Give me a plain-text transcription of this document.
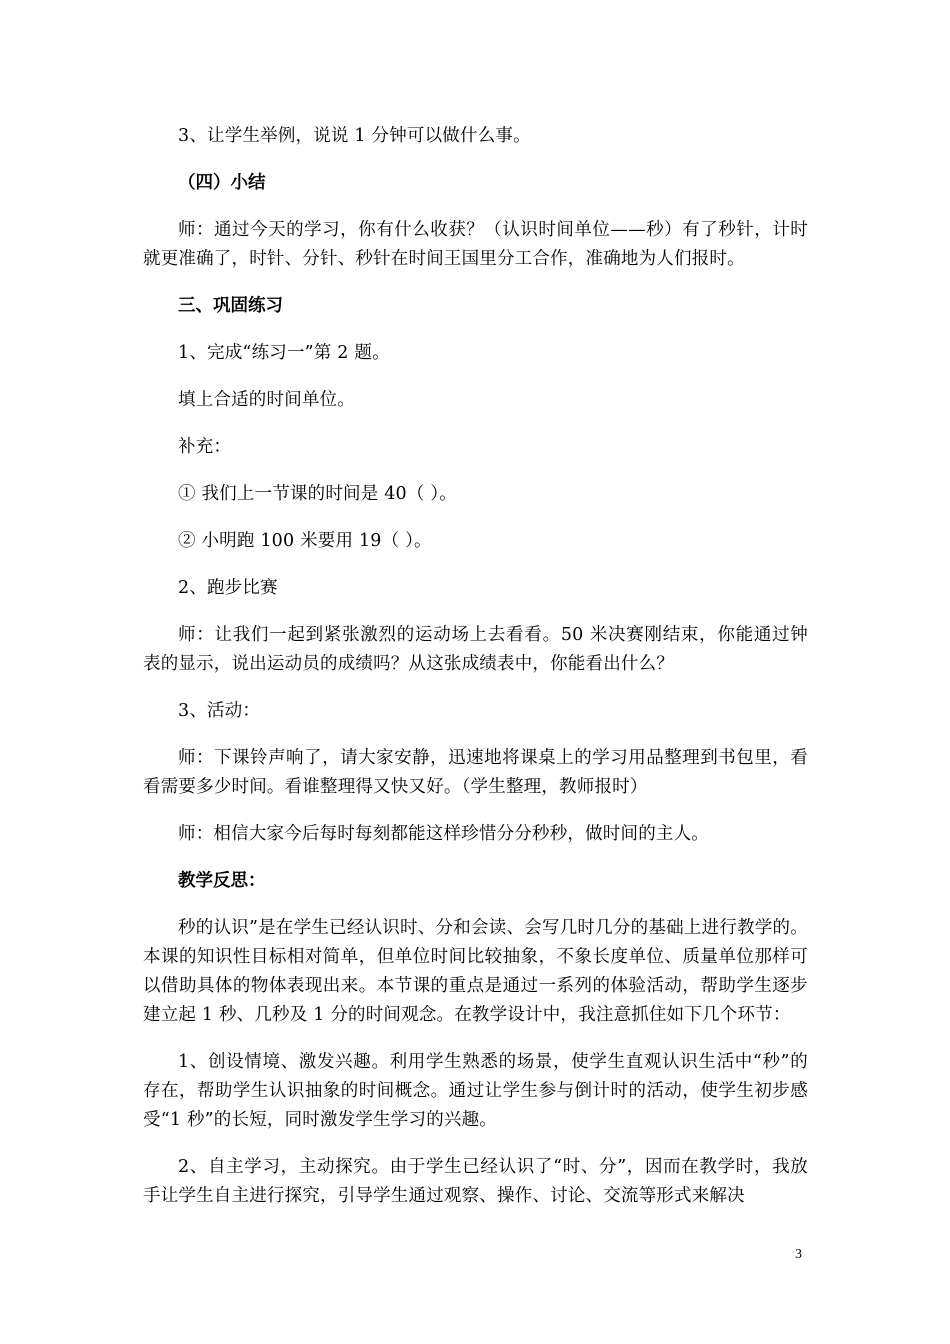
3、让学生举例，说说 1 分钟可以做什么事。

（四）小结

师：通过今天的学习，你有什么收获？（认识时间单位——秒）有了秒针，计时就更准确了，时针、分针、秒针在时间王国里分工合作，准确地为人们报时。

三、巩固练习

1、完成“练习一”第 2 题。

填上合适的时间单位。

补充：

① 我们上一节课的时间是 40（ ）。

② 小明跑 100 米要用 19（ ）。

2、跑步比赛

师：让我们一起到紧张激烈的运动场上去看看。50 米决赛刚结束，你能通过钟表的显示，说出运动员的成绩吗？从这张成绩表中，你能看出什么？

3、活动：

师：下课铃声响了，请大家安静，迅速地将课桌上的学习用品整理到书包里，看看需要多少时间。看谁整理得又快又好。（学生整理，教师报时）

师：相信大家今后每时每刻都能这样珍惜分分秒秒，做时间的主人。

教学反思：

秒的认识”是在学生已经认识时、分和会读、会写几时几分的基础上进行教学的。本课的知识性目标相对简单，但单位时间比较抽象，不象长度单位、质量单位那样可以借助具体的物体表现出来。本节课的重点是通过一系列的体验活动，帮助学生逐步建立起 1 秒、几秒及 1 分的时间观念。在教学设计中，我注意抓住如下几个环节：

1、创设情境、激发兴趣。利用学生熟悉的场景，使学生直观认识生活中“秒”的存在，帮助学生认识抽象的时间概念。通过让学生参与倒计时的活动，使学生初步感受“1 秒”的长短，同时激发学生学习的兴趣。

2、自主学习，主动探究。由于学生已经认识了“时、分”，因而在教学时，我放手让学生自主进行探究，引导学生通过观察、操作、讨论、交流等形式来解决

3
